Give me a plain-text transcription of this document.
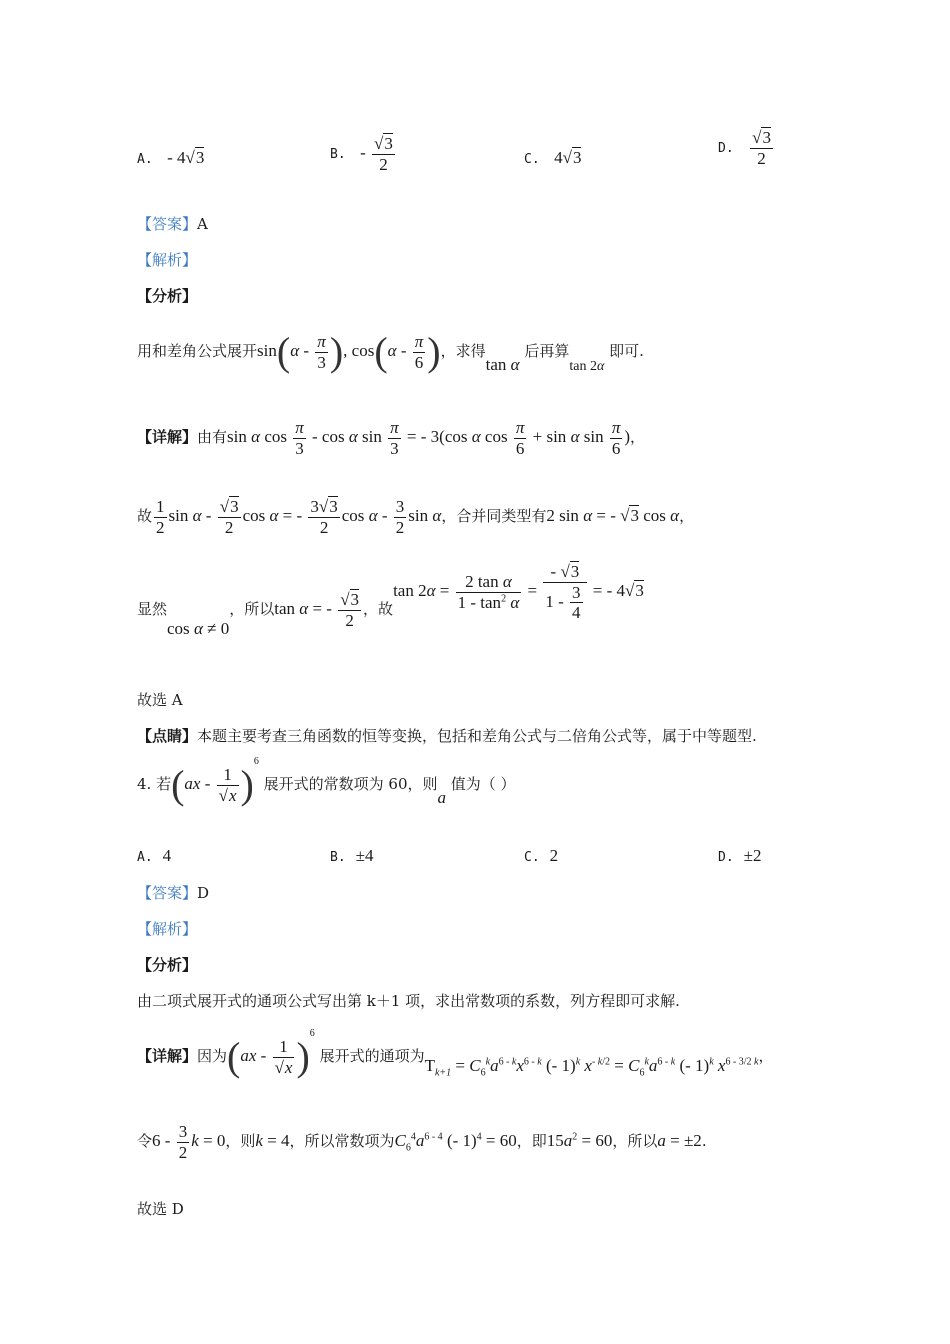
A. - 4√3	B. - $\frac{√3}{2}$	C. 4√3	D. $\frac{√3}{2}$
【答案】A
【解析】
【分析】
用和差角公式展开$\sin(\alpha - \frac{\pi}{3}$ ), $\cos(\alpha - \frac{\pi}{6}$ )，求得tan α 后再算tan 2α 即可.
【详解】由有sin α $\cos \frac{\pi}{3}$ - cos α $\sin \frac{\pi}{3}$ = - 3(cos α $\cos \frac{\pi}{6} + \sin \alpha$ $\sin \frac{\pi}{6}$ )，
故 $\frac{1}{2}$ sin α - $\frac{√3}{2}$ cos α = - $\frac{3√3}{2}$ cos α - $\frac{3}{2}$ sin α，合并同类型有2 sin α = - √3 cos α，
显然cos α ≠ 0，所以tan α = - $\frac{√3}{2}$ ，故$\tan 2\alpha = \frac{\text{2 tan α}}{1 - \tan^2 \alpha} = \frac{- √3}{1 - \frac{3}{4}}$ = - 4√3
故选 A
【点睛】本题主要考查三角函数的恒等变换，包括和差角公式与二倍角公式等，属于中等题型.
4. 若$(ax - \frac{1}{√x} )^6$ 展开式的常数项为 60，则a 值为（ ）
A. 4	B. ±4	C. 2	D. ±2
【答案】D
【解析】
【分析】
由二项式展开式的通项公式写出第 k＋1 项，求出常数项的系数，列方程即可求解.
【详解】因为$(ax - \frac{1}{√x} )^6$ 展开式的通项为$T_{k+1} = C_6^ka^{6 - k}x^{6 - k}$ (- 1)$^k$ $x^{- k/2} = C_6^ka^{6 - k}$ (- 1)$^k$ $x^{6 - 3/2 k}$，
令$6 - \frac{3}{2}$ k = 0，则k = 4，所以常数项为$C_6^4a^{6 - 4}$ (- 1)$^4$ = 60，即$15a^2 = 60$，所以a = ±2.
故选 D
